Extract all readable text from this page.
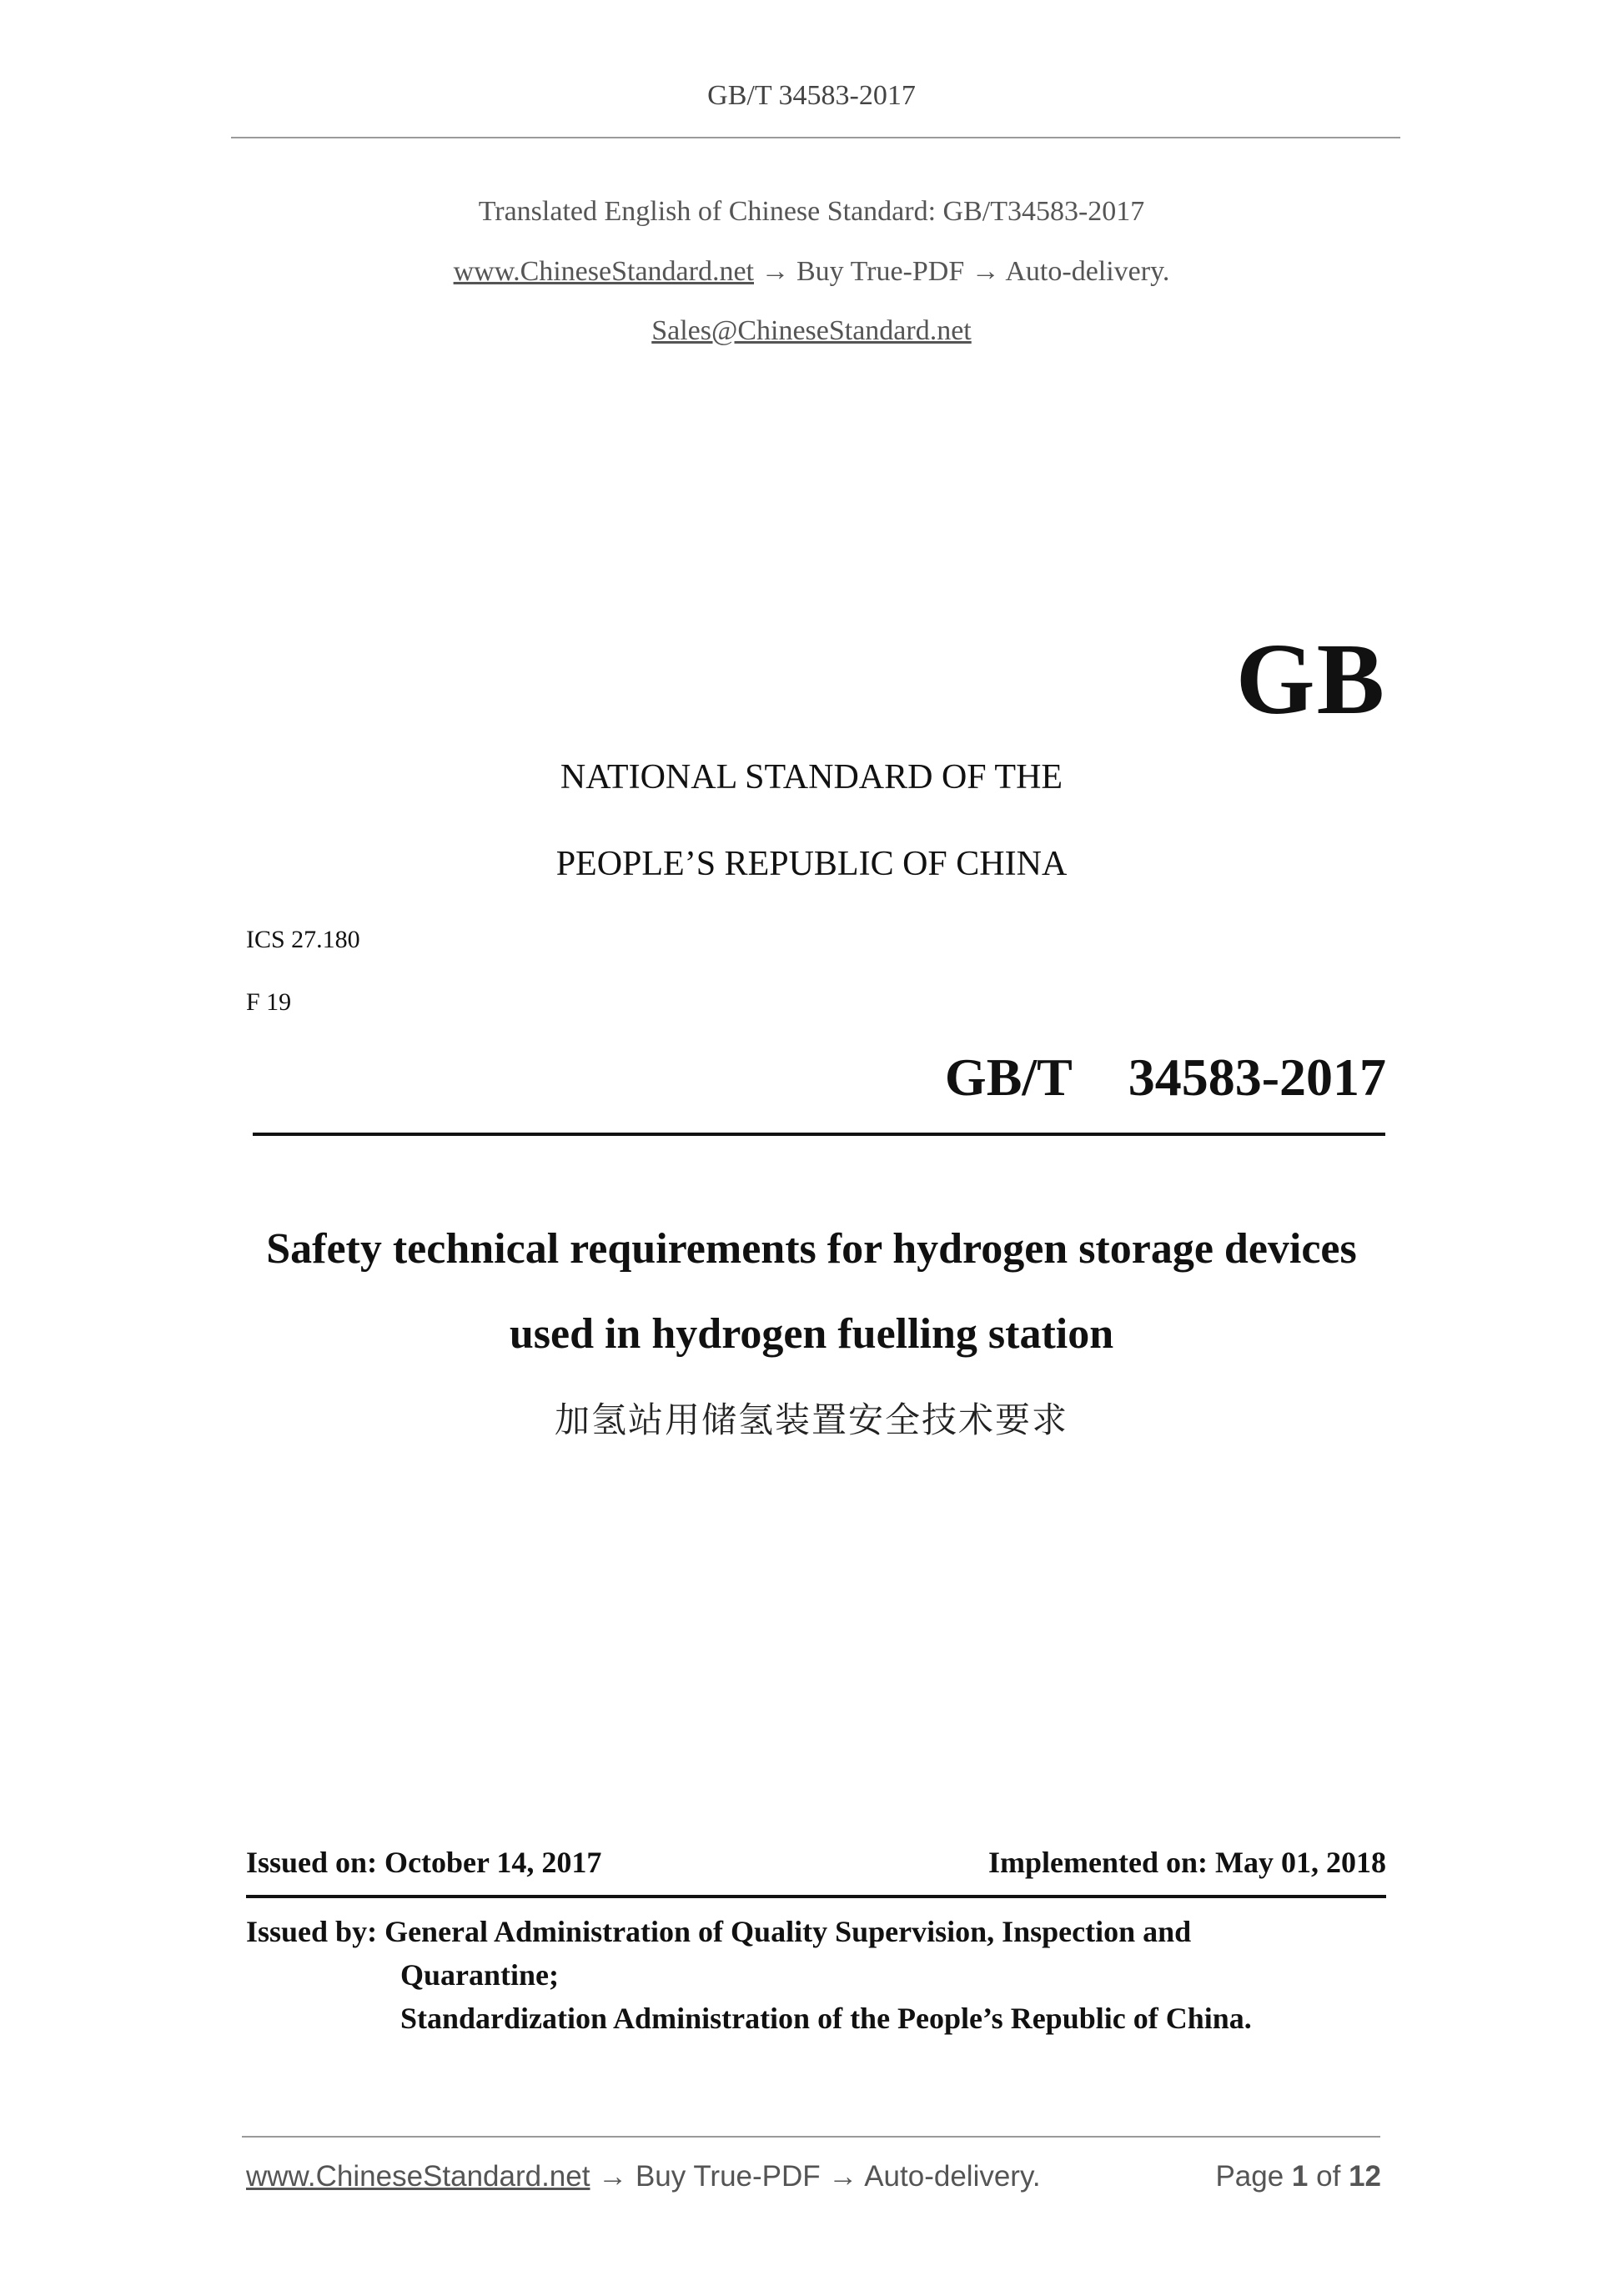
GB/T 34583-2017
Translated English of Chinese Standard: GB/T34583-2017
www.ChineseStandard.net → Buy True-PDF → Auto-delivery.
Sales@ChineseStandard.net
GB
NATIONAL STANDARD OF THE
PEOPLE’S REPUBLIC OF CHINA
ICS 27.180
F 19
GB/T  34583-2017
Safety technical requirements for hydrogen storage devices
used in hydrogen fuelling station
加氢站用储氢装置安全技术要求
Issued on: October 14, 2017	Implemented on: May 01, 2018
Issued by: General Administration of Quality Supervision, Inspection and
Quarantine;
Standardization Administration of the People’s Republic of China.
www.ChineseStandard.net → Buy True-PDF → Auto-delivery.	Page 1 of 12
